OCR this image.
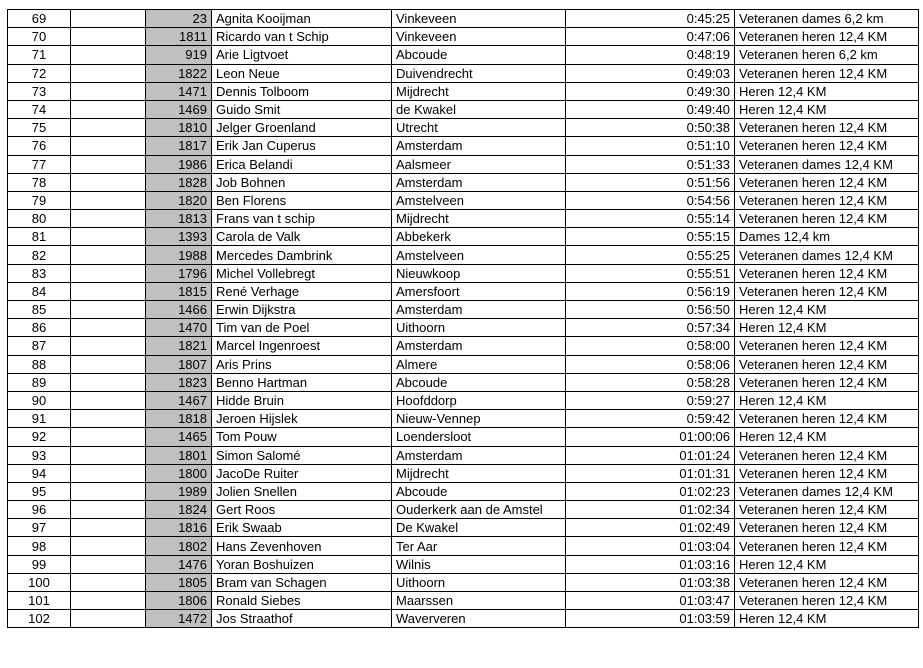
69		23	Agnita Kooijman	Vinkeveen	0:45:25	Veteranen dames 6,2 km
70		1811	Ricardo van t Schip	Vinkeveen	0:47:06	Veteranen heren 12,4 KM
71		919	Arie Ligtvoet	Abcoude	0:48:19	Veteranen heren 6,2 km
72		1822	Leon Neue	Duivendrecht	0:49:03	Veteranen heren 12,4 KM
73		1471	Dennis Tolboom	Mijdrecht	0:49:30	Heren 12,4 KM
74		1469	Guido Smit	de Kwakel	0:49:40	Heren 12,4 KM
75		1810	Jelger Groenland	Utrecht	0:50:38	Veteranen heren 12,4 KM
76		1817	Erik Jan Cuperus	Amsterdam	0:51:10	Veteranen heren 12,4 KM
77		1986	Erica Belandi	Aalsmeer	0:51:33	Veteranen dames 12,4 KM
78		1828	Job Bohnen	Amsterdam	0:51:56	Veteranen heren 12,4 KM
79		1820	Ben Florens	Amstelveen	0:54:56	Veteranen heren 12,4 KM
80		1813	Frans van t schip	Mijdrecht	0:55:14	Veteranen heren 12,4 KM
81		1393	Carola de Valk	Abbekerk	0:55:15	Dames 12,4 km
82		1988	Mercedes Dambrink	Amstelveen	0:55:25	Veteranen dames 12,4 KM
83		1796	Michel Vollebregt	Nieuwkoop	0:55:51	Veteranen heren 12,4 KM
84		1815	René Verhage	Amersfoort	0:56:19	Veteranen heren 12,4 KM
85		1466	Erwin Dijkstra	Amsterdam	0:56:50	Heren 12,4 KM
86		1470	Tim van de Poel	Uithoorn	0:57:34	Heren 12,4 KM
87		1821	Marcel Ingenroest	Amsterdam	0:58:00	Veteranen heren 12,4 KM
88		1807	Aris Prins	Almere	0:58:06	Veteranen heren 12,4 KM
89		1823	Benno Hartman	Abcoude	0:58:28	Veteranen heren 12,4 KM
90		1467	Hidde Bruin	Hoofddorp	0:59:27	Heren 12,4 KM
91		1818	Jeroen Hijslek	Nieuw-Vennep	0:59:42	Veteranen heren 12,4 KM
92		1465	Tom Pouw	Loendersloot	01:00:06	Heren 12,4 KM
93		1801	Simon Salomé	Amsterdam	01:01:24	Veteranen heren 12,4 KM
94		1800	JacoDe Ruiter	Mijdrecht	01:01:31	Veteranen heren 12,4 KM
95		1989	Jolien Snellen	Abcoude	01:02:23	Veteranen dames 12,4 KM
96		1824	Gert Roos	Ouderkerk aan de Amstel	01:02:34	Veteranen heren 12,4 KM
97		1816	Erik Swaab	De Kwakel	01:02:49	Veteranen heren 12,4 KM
98		1802	Hans Zevenhoven	Ter Aar	01:03:04	Veteranen heren 12,4 KM
99		1476	Yoran Boshuizen	Wilnis	01:03:16	Heren 12,4 KM
100		1805	Bram van Schagen	Uithoorn	01:03:38	Veteranen heren 12,4 KM
101		1806	Ronald Siebes	Maarssen	01:03:47	Veteranen heren 12,4 KM
102		1472	Jos Straathof	Waververen	01:03:59	Heren 12,4 KM
